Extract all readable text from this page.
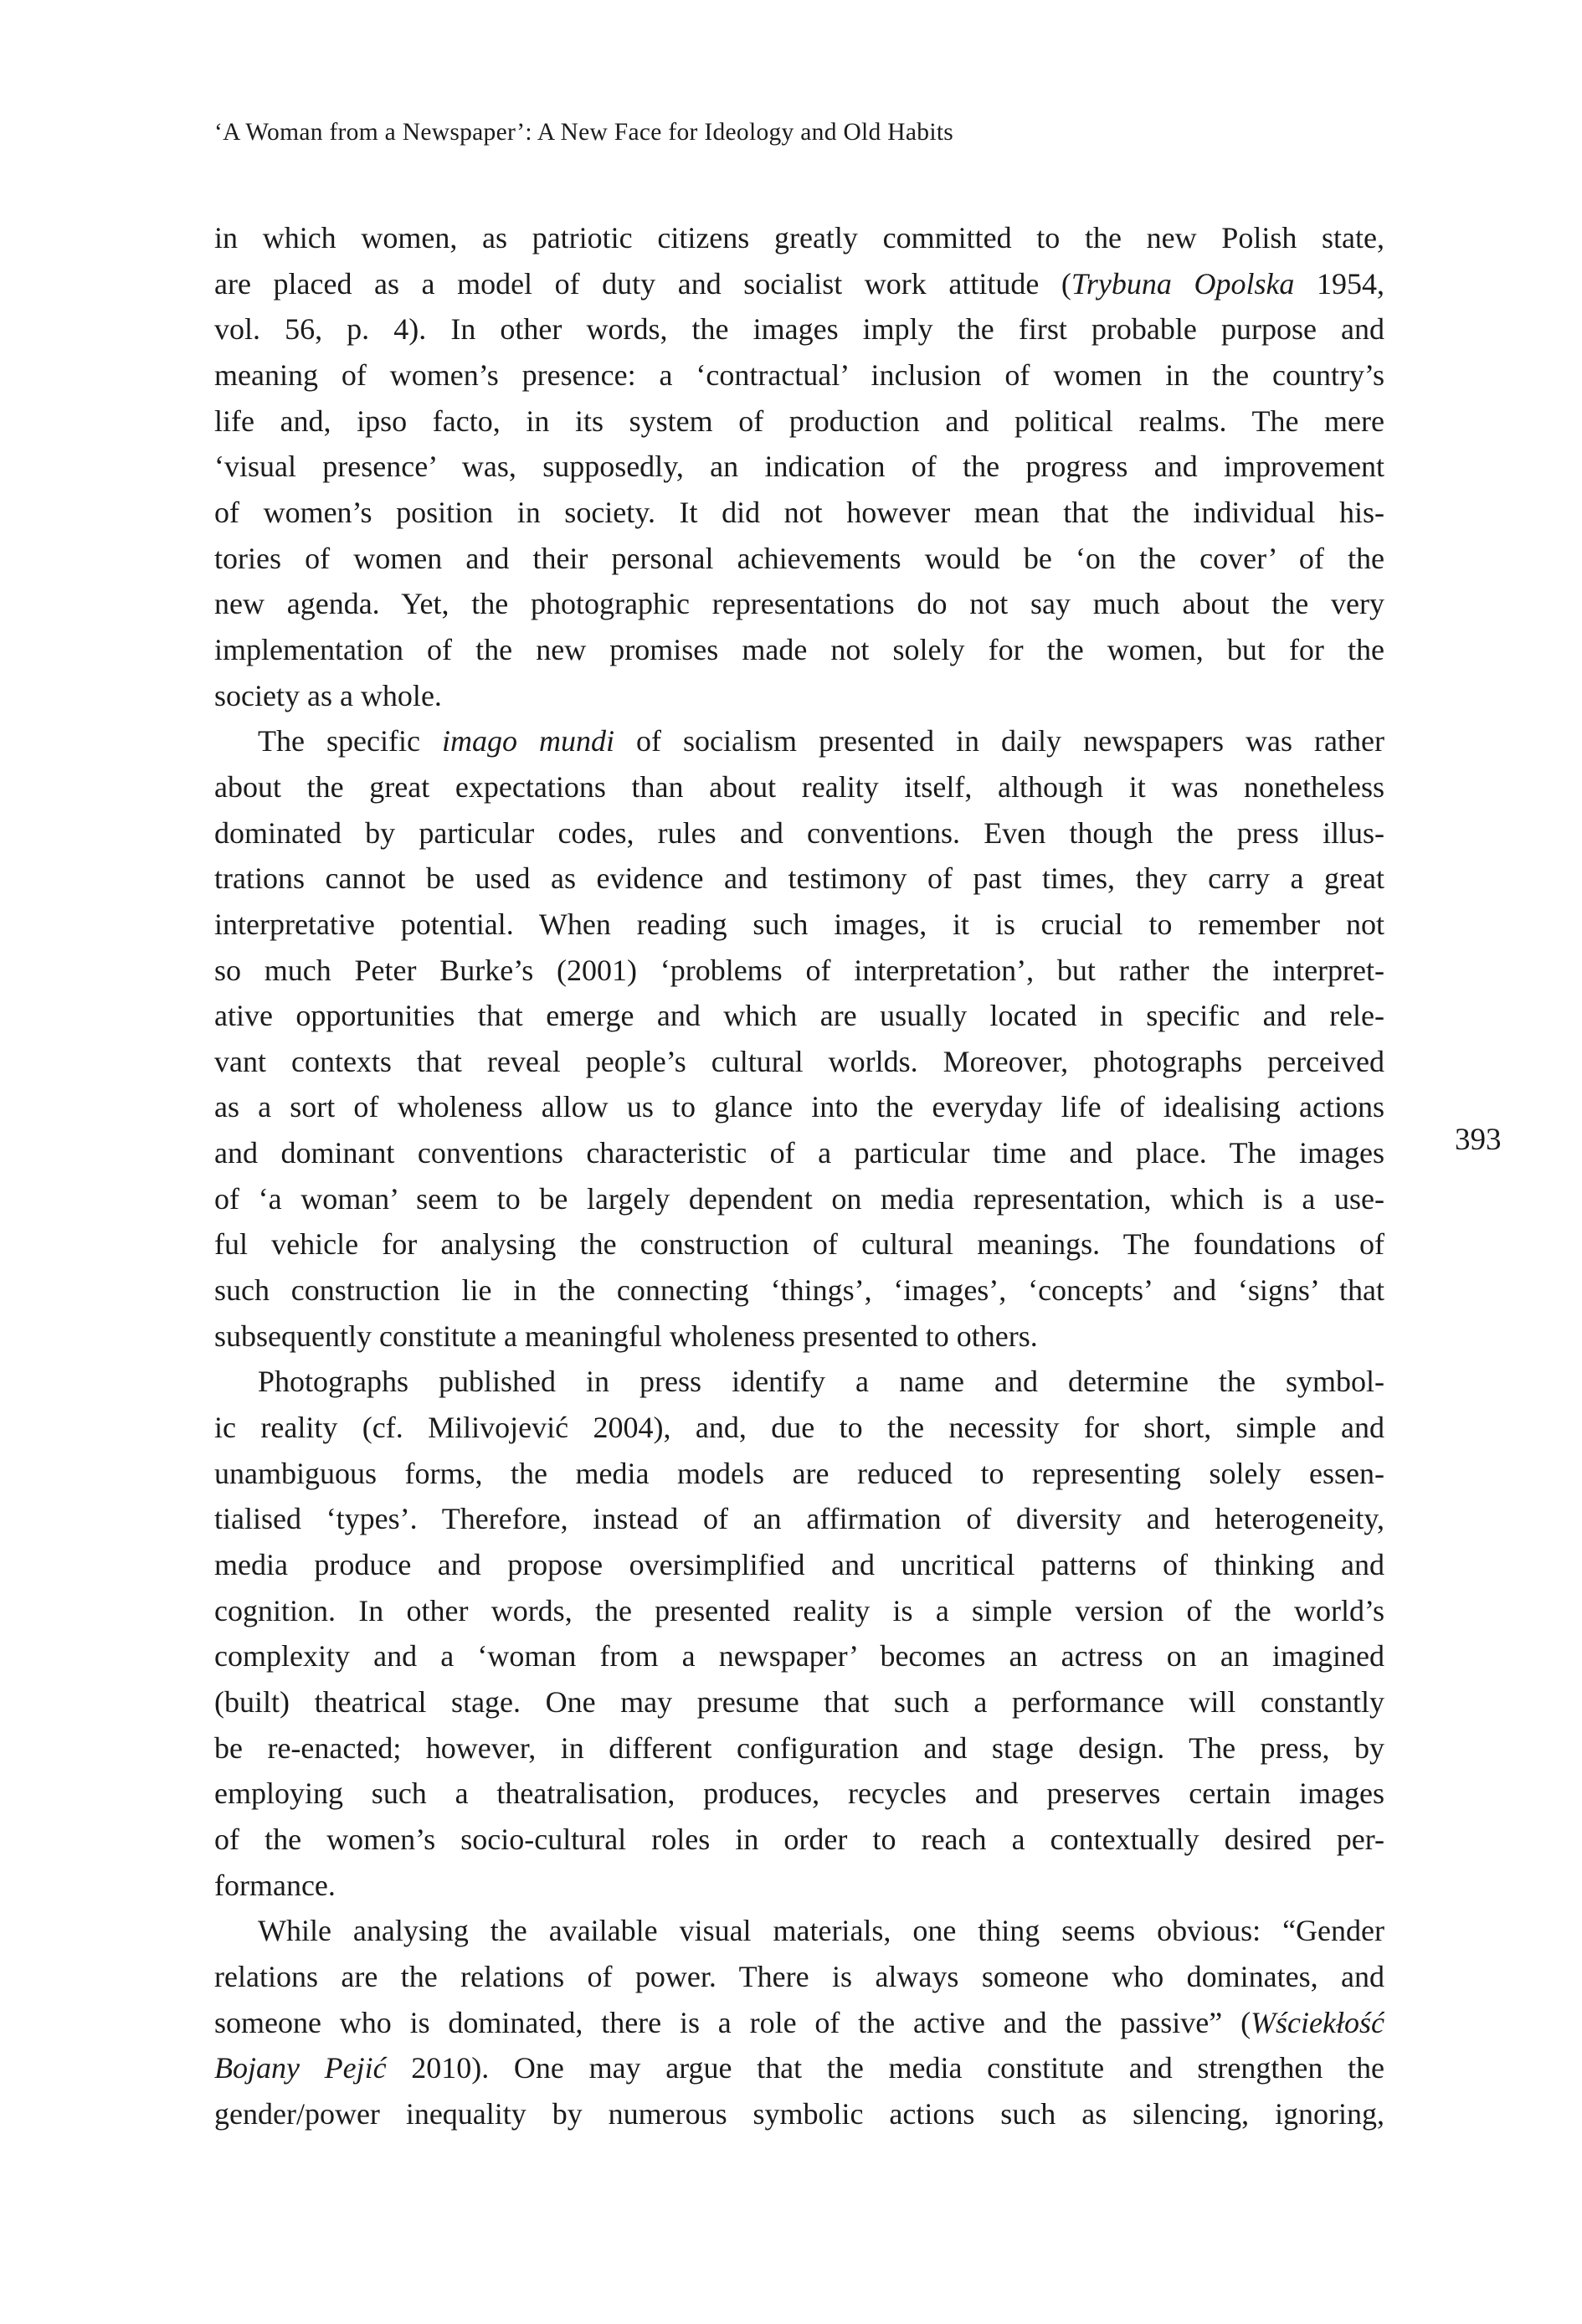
‘A Woman from a Newspaper’: A New Face for Ideology and Old Habits
393
in which women, as patriotic citizens greatly committed to the new Polish state,
are placed as a model of duty and socialist work attitude (Trybuna Opolska 1954,
vol. 56, p. 4). In other words, the images imply the first probable purpose and
meaning of women’s presence: a ‘contractual’ inclusion of women in the country’s
life and, ipso facto, in its system of production and political realms. The mere
‘visual presence’ was, supposedly, an indication of the progress and improvement
of women’s position in society. It did not however mean that the individual his-
tories of women and their personal achievements would be ‘on the cover’ of the
new agenda. Yet, the photographic representations do not say much about the very
implementation of the new promises made not solely for the women, but for the
society as a whole.
The specific imago mundi of socialism presented in daily newspapers was rather
about the great expectations than about reality itself, although it was nonetheless
dominated by particular codes, rules and conventions. Even though the press illus-
trations cannot be used as evidence and testimony of past times, they carry a great
interpretative potential. When reading such images, it is crucial to remember not
so much Peter Burke’s (2001) ‘problems of interpretation’, but rather the interpret-
ative opportunities that emerge and which are usually located in specific and rele-
vant contexts that reveal people’s cultural worlds. Moreover, photographs perceived
as a sort of wholeness allow us to glance into the everyday life of idealising actions
and dominant conventions characteristic of a particular time and place. The images
of ‘a woman’ seem to be largely dependent on media representation, which is a use-
ful vehicle for analysing the construction of cultural meanings. The foundations of
such construction lie in the connecting ‘things’, ‘images’, ‘concepts’ and ‘signs’ that
subsequently constitute a meaningful wholeness presented to others.
Photographs published in press identify a name and determine the symbol-
ic reality (cf. Milivojević 2004), and, due to the necessity for short, simple and
unambiguous forms, the media models are reduced to representing solely essen-
tialised ‘types’. Therefore, instead of an affirmation of diversity and heterogeneity,
media produce and propose oversimplified and uncritical patterns of thinking and
cognition. In other words, the presented reality is a simple version of the world’s
complexity and a ‘woman from a newspaper’ becomes an actress on an imagined
(built) theatrical stage. One may presume that such a performance will constantly
be re-enacted; however, in different configuration and stage design. The press, by
employing such a theatralisation, produces, recycles and preserves certain images
of the women’s socio-cultural roles in order to reach a contextually desired per-
formance.
While analysing the available visual materials, one thing seems obvious: “Gender
relations are the relations of power. There is always someone who dominates, and
someone who is dominated, there is a role of the active and the passive” (Wściekłość
Bojany Pejić 2010). One may argue that the media constitute and strengthen the
gender/power inequality by numerous symbolic actions such as silencing, ignoring,
